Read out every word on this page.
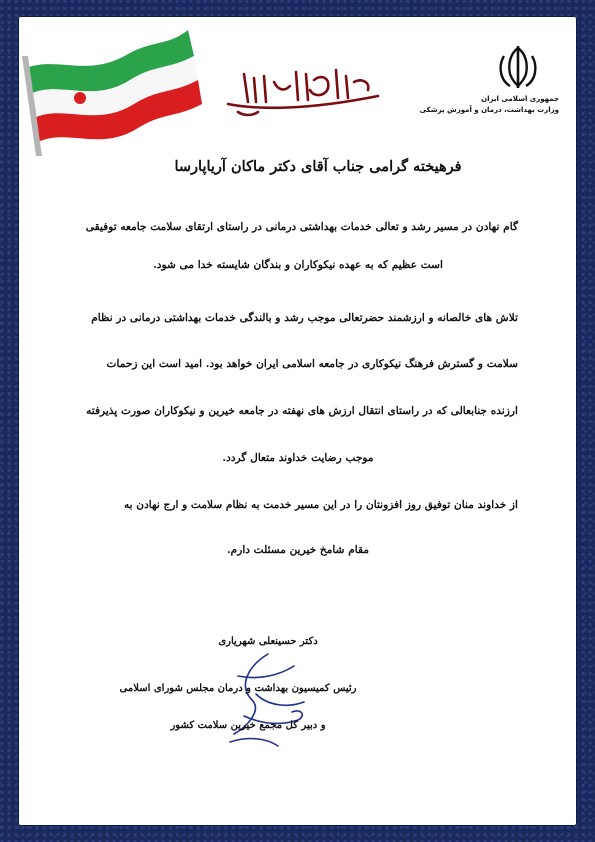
جمهوری اسلامی ایران
وزارت بهداشت، درمان و آموزش پزشکی
بسم الله الرحمن الرحیم
فرهیخته گرامی جناب آقای دکتر ماکان آریاپارسا
گام نهادن در مسیر رشد و تعالی خدمات بهداشتی درمانی در راستای ارتقای سلامت جامعه توفیقی
است عظیم که به عهده نیکوکاران و بندگان شایسته خدا می شود.
تلاش های خالصانه و ارزشمند حضرتعالی موجب رشد و بالندگی خدمات بهداشتی درمانی در نظام
سلامت و گسترش فرهنگ نیکوکاری در جامعه اسلامی ایران خواهد بود. امید است این زحمات
ارزنده جنابعالی که در راستای انتقال ارزش های نهفته در جامعه خیرین و نیکوکاران صورت پذیرفته
موجب رضایت خداوند متعال گردد.
از خداوند منان توفیق روز افزونتان را در این مسیر خدمت به نظام سلامت و ارج نهادن به
مقام شامخ خیرین مسئلت دارم.
دکتر حسینعلی شهریاری
رئیس کمیسیون بهداشت و درمان مجلس شورای اسلامی
و دبیر کل مجمع خیرین سلامت کشور
